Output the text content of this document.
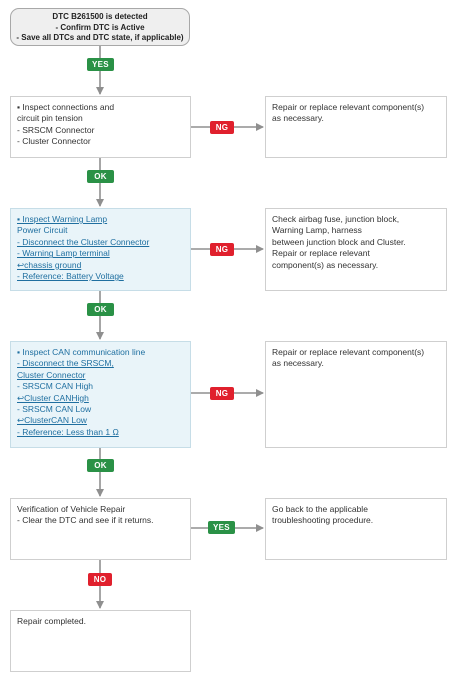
DTC B261500 is detected
- Confirm DTC is Active
- Save all DTCs and DTC state, if applicable)
YES
OK
OK
OK
NO
NG
NG
NG
YES
▪ Inspect connections and
circuit pin tension
- SRSCM Connector
- Cluster Connector
Repair or replace relevant component(s)
as necessary.
▪ Inspect Warning Lamp
Power Circuit
- Disconnect the Cluster Connector
- Warning Lamp terminal
↩chassis ground
- Reference: Battery Voltage
Check airbag fuse, junction block,
Warning Lamp, harness
between junction block and Cluster.
Repair or replace relevant
component(s) as necessary.
▪ Inspect CAN communication line
- Disconnect the SRSCM,
Cluster Connector
- SRSCM CAN High
↩Cluster CANHigh
- SRSCM CAN Low
↩ClusterCAN Low
- Reference: Less than 1 Ω
Repair or replace relevant component(s)
as necessary.
Verification of Vehicle Repair
- Clear the DTC and see if it returns.
Go back to the applicable
troubleshooting procedure.
Repair completed.
